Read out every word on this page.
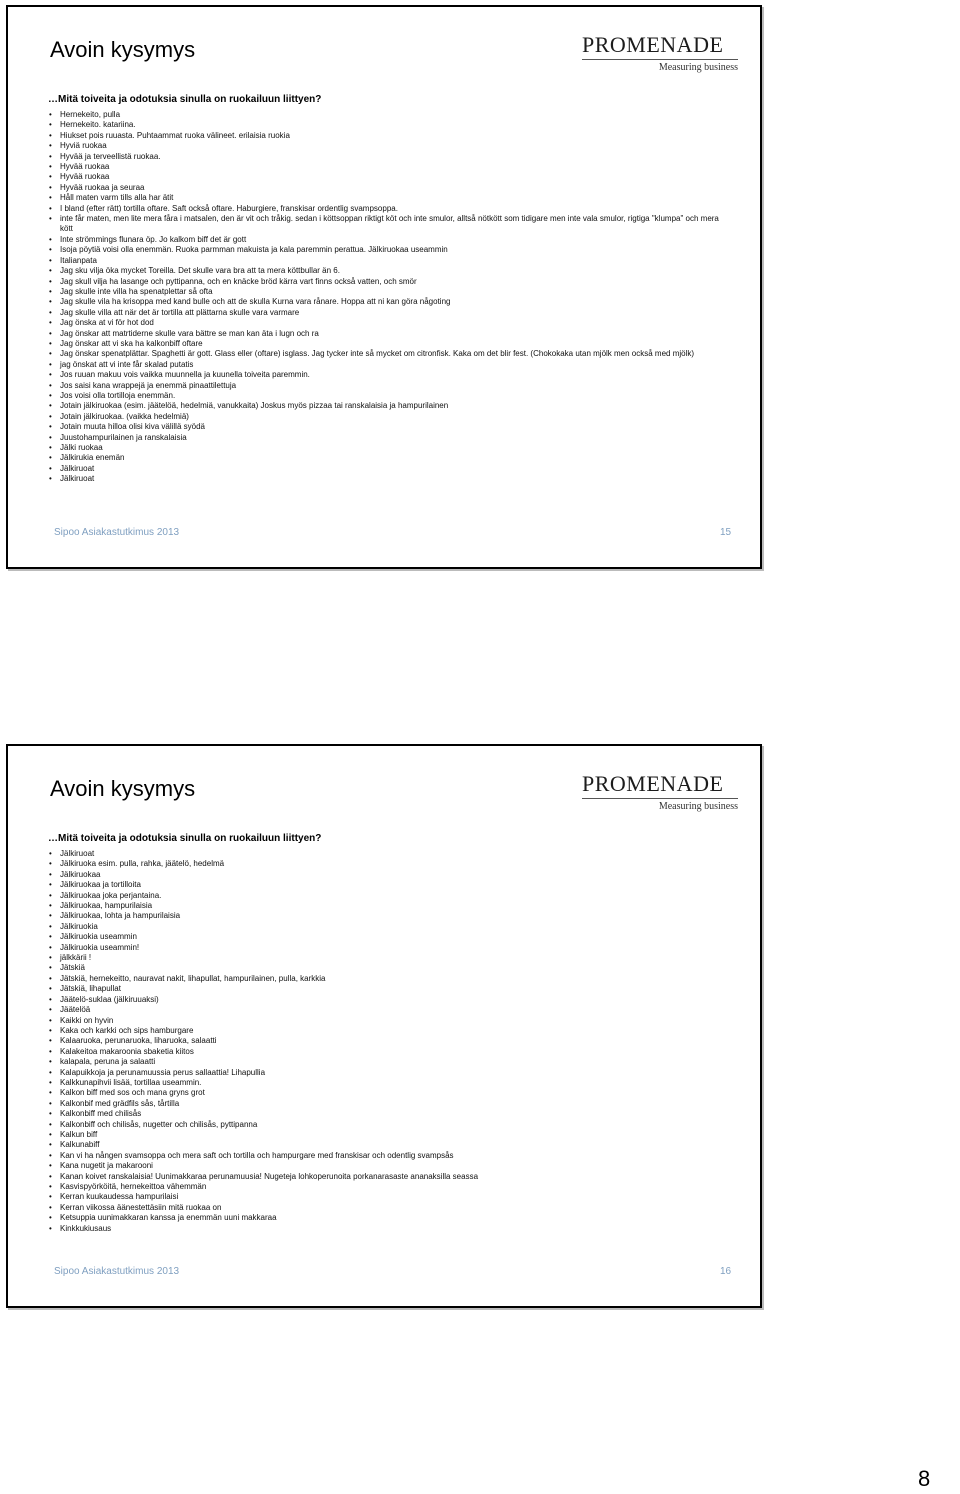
Avoin kysymys	PROMENADE
Measuring business
…Mitä toiveita ja odotuksia sinulla on ruokailuun liittyen?
• Hernekeito, pulla
• Hernekeito. katariina.
• Hiukset pois ruuasta. Puhtaammat ruoka välineet. erilaisia ruokia
• Hyviä ruokaa
• Hyvää ja terveellistä ruokaa.
• Hyvää ruokaa
• Hyvää ruokaa
• Hyvää ruokaa ja seuraa
• Håll maten varm tills alla har ätit
• I bland (efter rätt) tortilla oftare. Saft också oftare. Haburgiere, franskisar ordentlig svampsoppa.
• inte får maten, men lite mera fåra i matsalen, den är vit och tråkig. sedan i köttsoppan riktigt köt och inte smulor, alltså nötkött som tidigare men inte vala smulor, rigtiga "klumpa" och mera kött
• Inte strömmings flunara öp. Jo kalkom biff det är gott
• Isoja pöytiä voisi olla enemmän. Ruoka parmman makuista ja kala paremmin perattua. Jälkiruokaa useammin
• Italianpata
• Jag sku vilja öka mycket Toreilla. Det skulle vara bra att ta mera köttbullar än 6.
• Jag skull vilja ha lasange och pyttipanna, och en knäcke bröd kärra vart finns också vatten, och smör
• Jag skulle inte villa ha spenatplettar så ofta
• Jag skulle vila ha krisoppa med kand bulle och att de skulla Kurna vara rånare. Hoppa att ni kan göra någoting
• Jag skulle villa att när det är tortilla att plättarna skulle vara varmare
• Jag önska at vi för hot dod
• Jag önskar att matrtiderne skulle vara bättre se man kan äta i lugn och ra
• Jag önskar att vi ska ha kalkonbiff oftare
• Jag önskar spenatplättar. Spaghetti är gott. Glass eller (oftare) isglass. Jag tycker inte så mycket om citronfisk. Kaka om det blir fest. (Chokokaka utan mjölk men också med mjölk)
• jag önskat att vi inte får skalad putatis
• Jos ruuan makuu vois vaikka muunnella ja kuunella toiveita paremmin.
• Jos saisi kana wrappejä ja enemmä pinaattilettuja
• Jos voisi olla tortilloja enemmän.
• Jotain jälkiruokaa (esim. jäätelöä, hedelmiä, vanukkaita) Joskus myös pizzaa tai ranskalaisia ja hampurilainen
• Jotain jälkiruokaa. (vaikka hedelmiä)
• Jotain muuta hilloa olisi kiva välillä syödä
• Juustohampurilainen ja ranskalaisia
• Jälki ruokaa
• Jälkirukia enemän
• Jälkiruoat
• Jälkiruoat
Sipoo Asiakastutkimus 2013	15
Avoin kysymys	PROMENADE
Measuring business
…Mitä toiveita ja odotuksia sinulla on ruokailuun liittyen?
• Jälkiruoat
• Jälkiruoka esim. pulla, rahka, jäätelö, hedelmä
• Jälkiruokaa
• Jälkiruokaa ja tortilloita
• Jälkiruokaa joka perjantaina.
• Jälkiruokaa, hampurilaisia
• Jälkiruokaa, lohta ja hampurilaisia
• Jälkiruokia
• Jälkiruokia useammin
• Jälkiruokia useammin!
• jälkkärii !
• Jätskiä
• Jätskiä, hernekeitto, nauravat nakit, lihapullat, hampurilainen, pulla, karkkia
• Jätskiä, lihapullat
• Jäätelö-suklaa (jälkiruuaksi)
• Jäätelöä
• Kaikki on hyvin
• Kaka och karkki och sips hamburgare
• Kalaaruoka, perunaruoka, liharuoka, salaatti
• Kalakeitoa makaroonia sbaketia kiitos
• kalapala, peruna ja salaatti
• Kalapuikkoja ja perunamuussia perus sallaattia! Lihapullia
• Kalkkunapihvii lisää, tortillaa useammin.
• Kalkon biff med sos och mana gryns grot
• Kalkonbif med grädfils sås, tårtilla
• Kalkonbiff med chilisås
• Kalkonbiff och chilisås, nugetter och chilisås, pyttipanna
• Kalkun biff
• Kalkunabiff
• Kan vi ha nången svamsoppa och mera saft och tortilla och hampurgare med franskisar och odentlig svampsås
• Kana nugetit ja makarooni
• Kanan koivet ranskalaisia! Uunimakkaraa perunamuusia! Nugeteja lohkoperunoita porkanarasaste ananaksilla seassa
• Kasvispyörköitä, hernekeittoa vähemmän
• Kerran kuukaudessa hampurilaisi
• Kerran viikossa äänestettäsiin mitä ruokaa on
• Ketsuppia uunimakkaran kanssa ja enemmän uuni makkaraa
• Kinkkukiusaus
Sipoo Asiakastutkimus 2013	16
8
